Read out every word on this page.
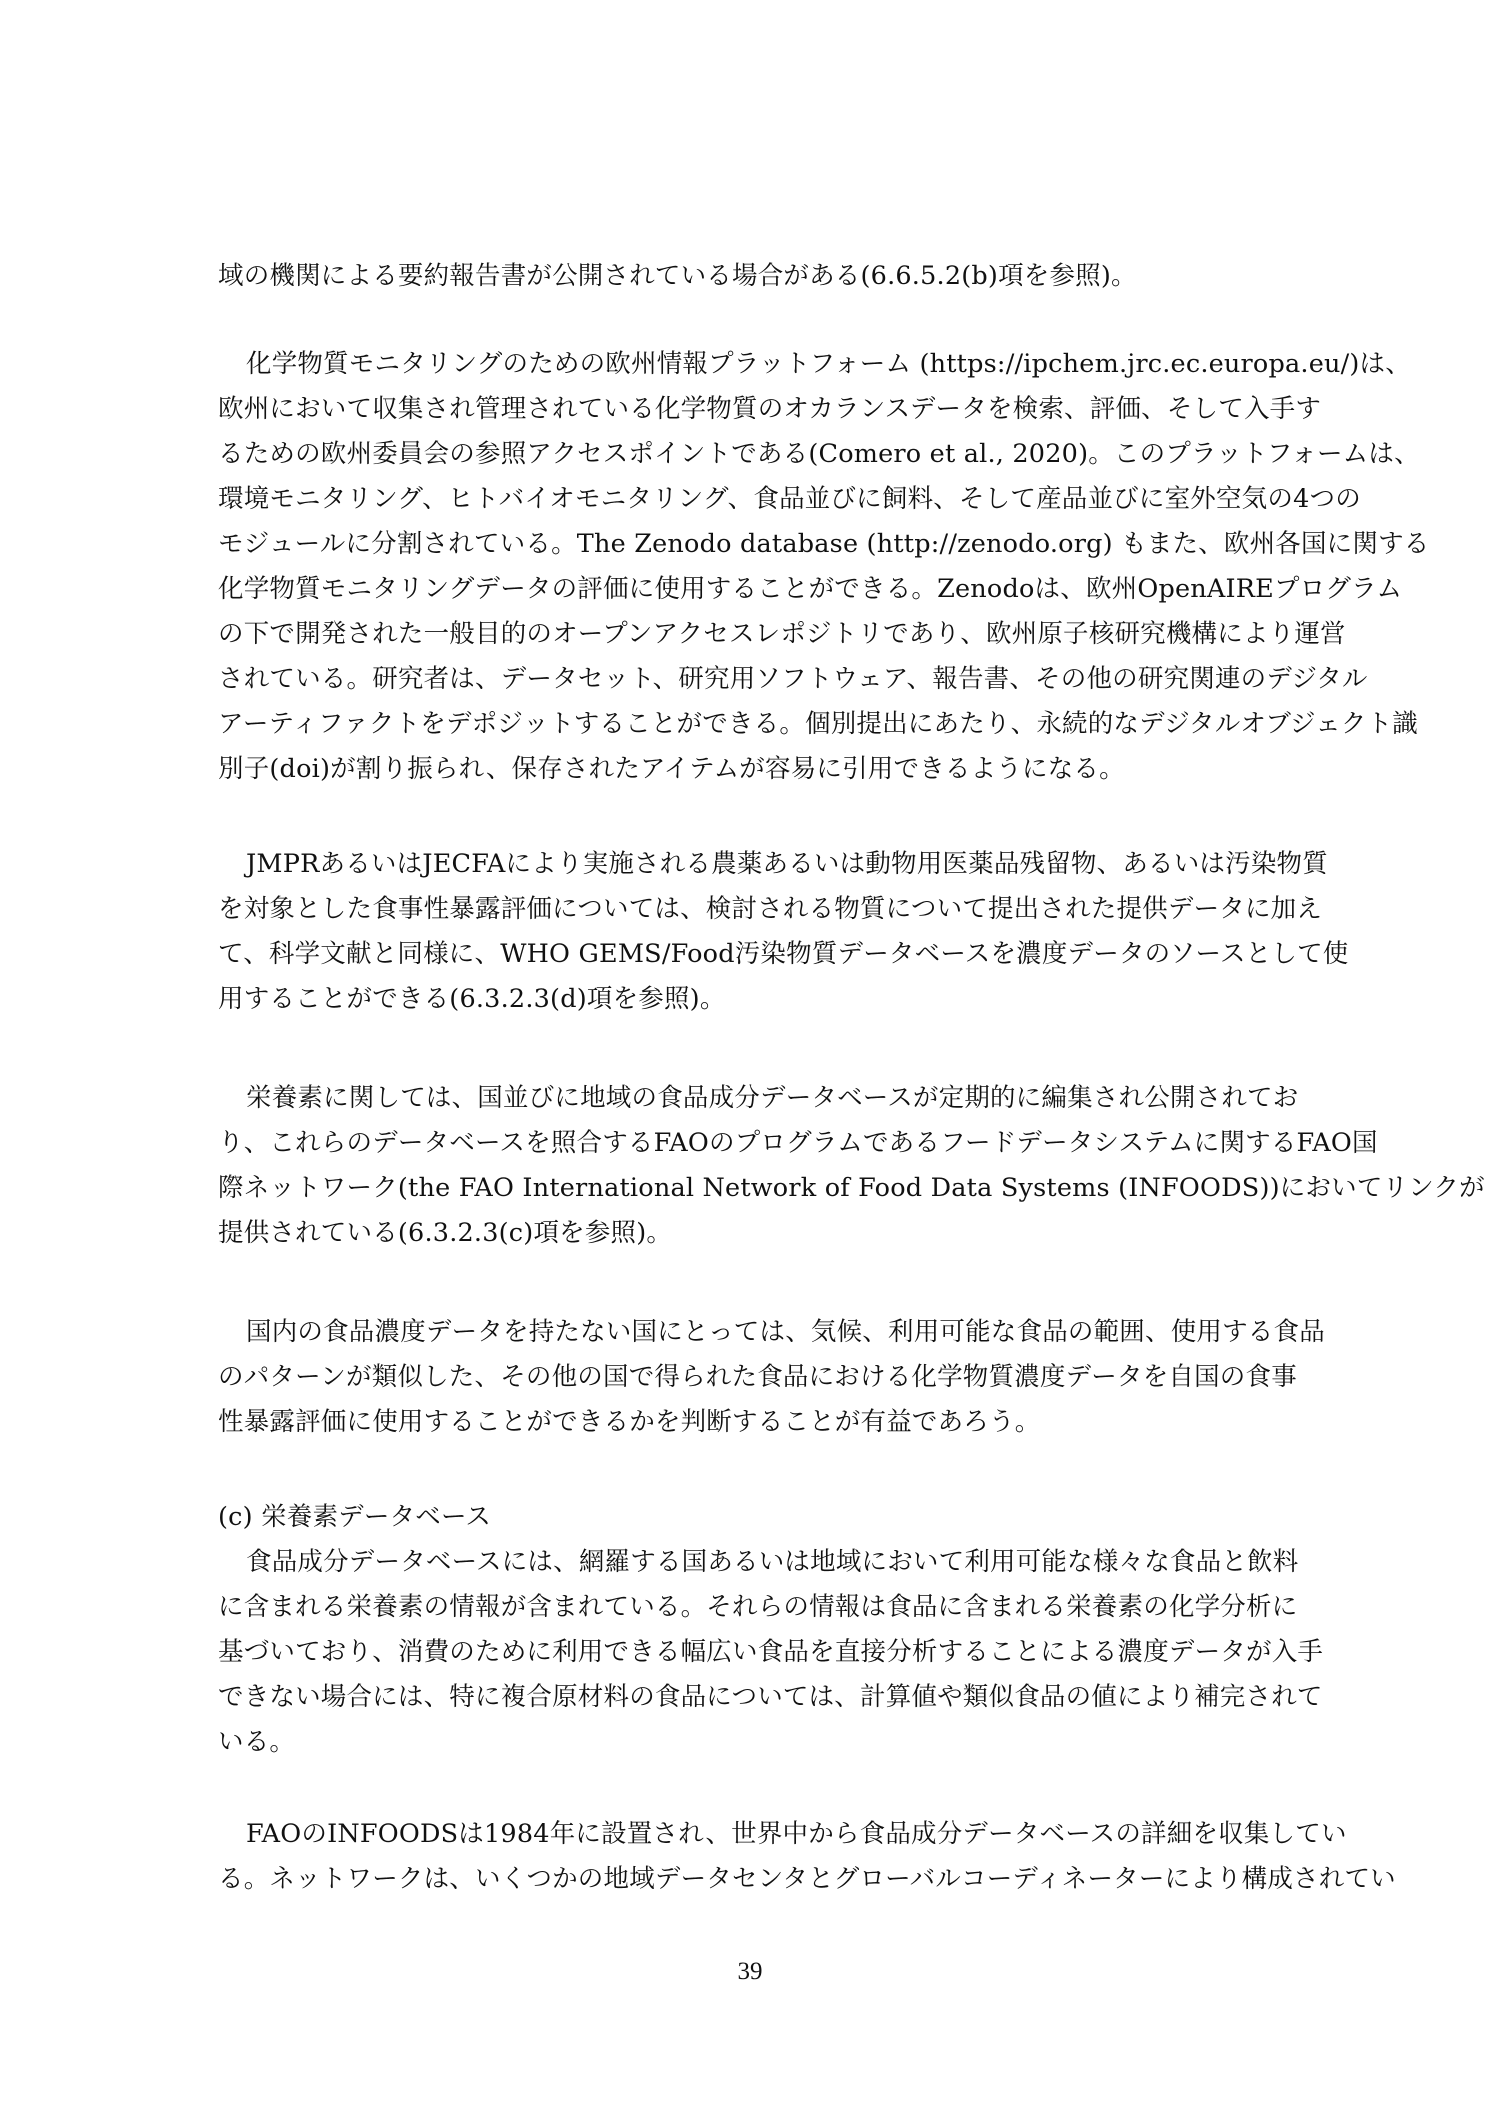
域の機関による要約報告書が公開されている場合がある(6.6.5.2(b)項を参照)。
化学物質モニタリングのための欧州情報プラットフォーム (https://ipchem.jrc.ec.europa.eu/)は、
欧州において収集され管理されている化学物質のオカランスデータを検索、評価、そして入手す
るための欧州委員会の参照アクセスポイントである(Comero et al., 2020)。このプラットフォームは、
環境モニタリング、ヒトバイオモニタリング、食品並びに飼料、そして産品並びに室外空気の4つの
モジュールに分割されている。The Zenodo database (http://zenodo.org) もまた、欧州各国に関する
化学物質モニタリングデータの評価に使用することができる。Zenodoは、欧州OpenAIREプログラム
の下で開発された一般目的のオープンアクセスレポジトリであり、欧州原子核研究機構により運営
されている。研究者は、データセット、研究用ソフトウェア、報告書、その他の研究関連のデジタル
アーティファクトをデポジットすることができる。個別提出にあたり、永続的なデジタルオブジェクト識
別子(doi)が割り振られ、保存されたアイテムが容易に引用できるようになる。
JMPRあるいはJECFAにより実施される農薬あるいは動物用医薬品残留物、あるいは汚染物質
を対象とした食事性暴露評価については、検討される物質について提出された提供データに加え
て、科学文献と同様に、WHO GEMS/Food汚染物質データベースを濃度データのソースとして使
用することができる(6.3.2.3(d)項を参照)。
栄養素に関しては、国並びに地域の食品成分データベースが定期的に編集され公開されてお
り、これらのデータベースを照合するFAOのプログラムであるフードデータシステムに関するFAO国
際ネットワーク(the FAO International Network of Food Data Systems (INFOODS))においてリンクが
提供されている(6.3.2.3(c)項を参照)。
国内の食品濃度データを持たない国にとっては、気候、利用可能な食品の範囲、使用する食品
のパターンが類似した、その他の国で得られた食品における化学物質濃度データを自国の食事
性暴露評価に使用することができるかを判断することが有益であろう。
(c) 栄養素データベース
食品成分データベースには、網羅する国あるいは地域において利用可能な様々な食品と飲料
に含まれる栄養素の情報が含まれている。それらの情報は食品に含まれる栄養素の化学分析に
基づいており、消費のために利用できる幅広い食品を直接分析することによる濃度データが入手
できない場合には、特に複合原材料の食品については、計算値や類似食品の値により補完されて
いる。
FAOのINFOODSは1984年に設置され、世界中から食品成分データベースの詳細を収集してい
る。ネットワークは、いくつかの地域データセンタとグローバルコーディネーターにより構成されてい
39
